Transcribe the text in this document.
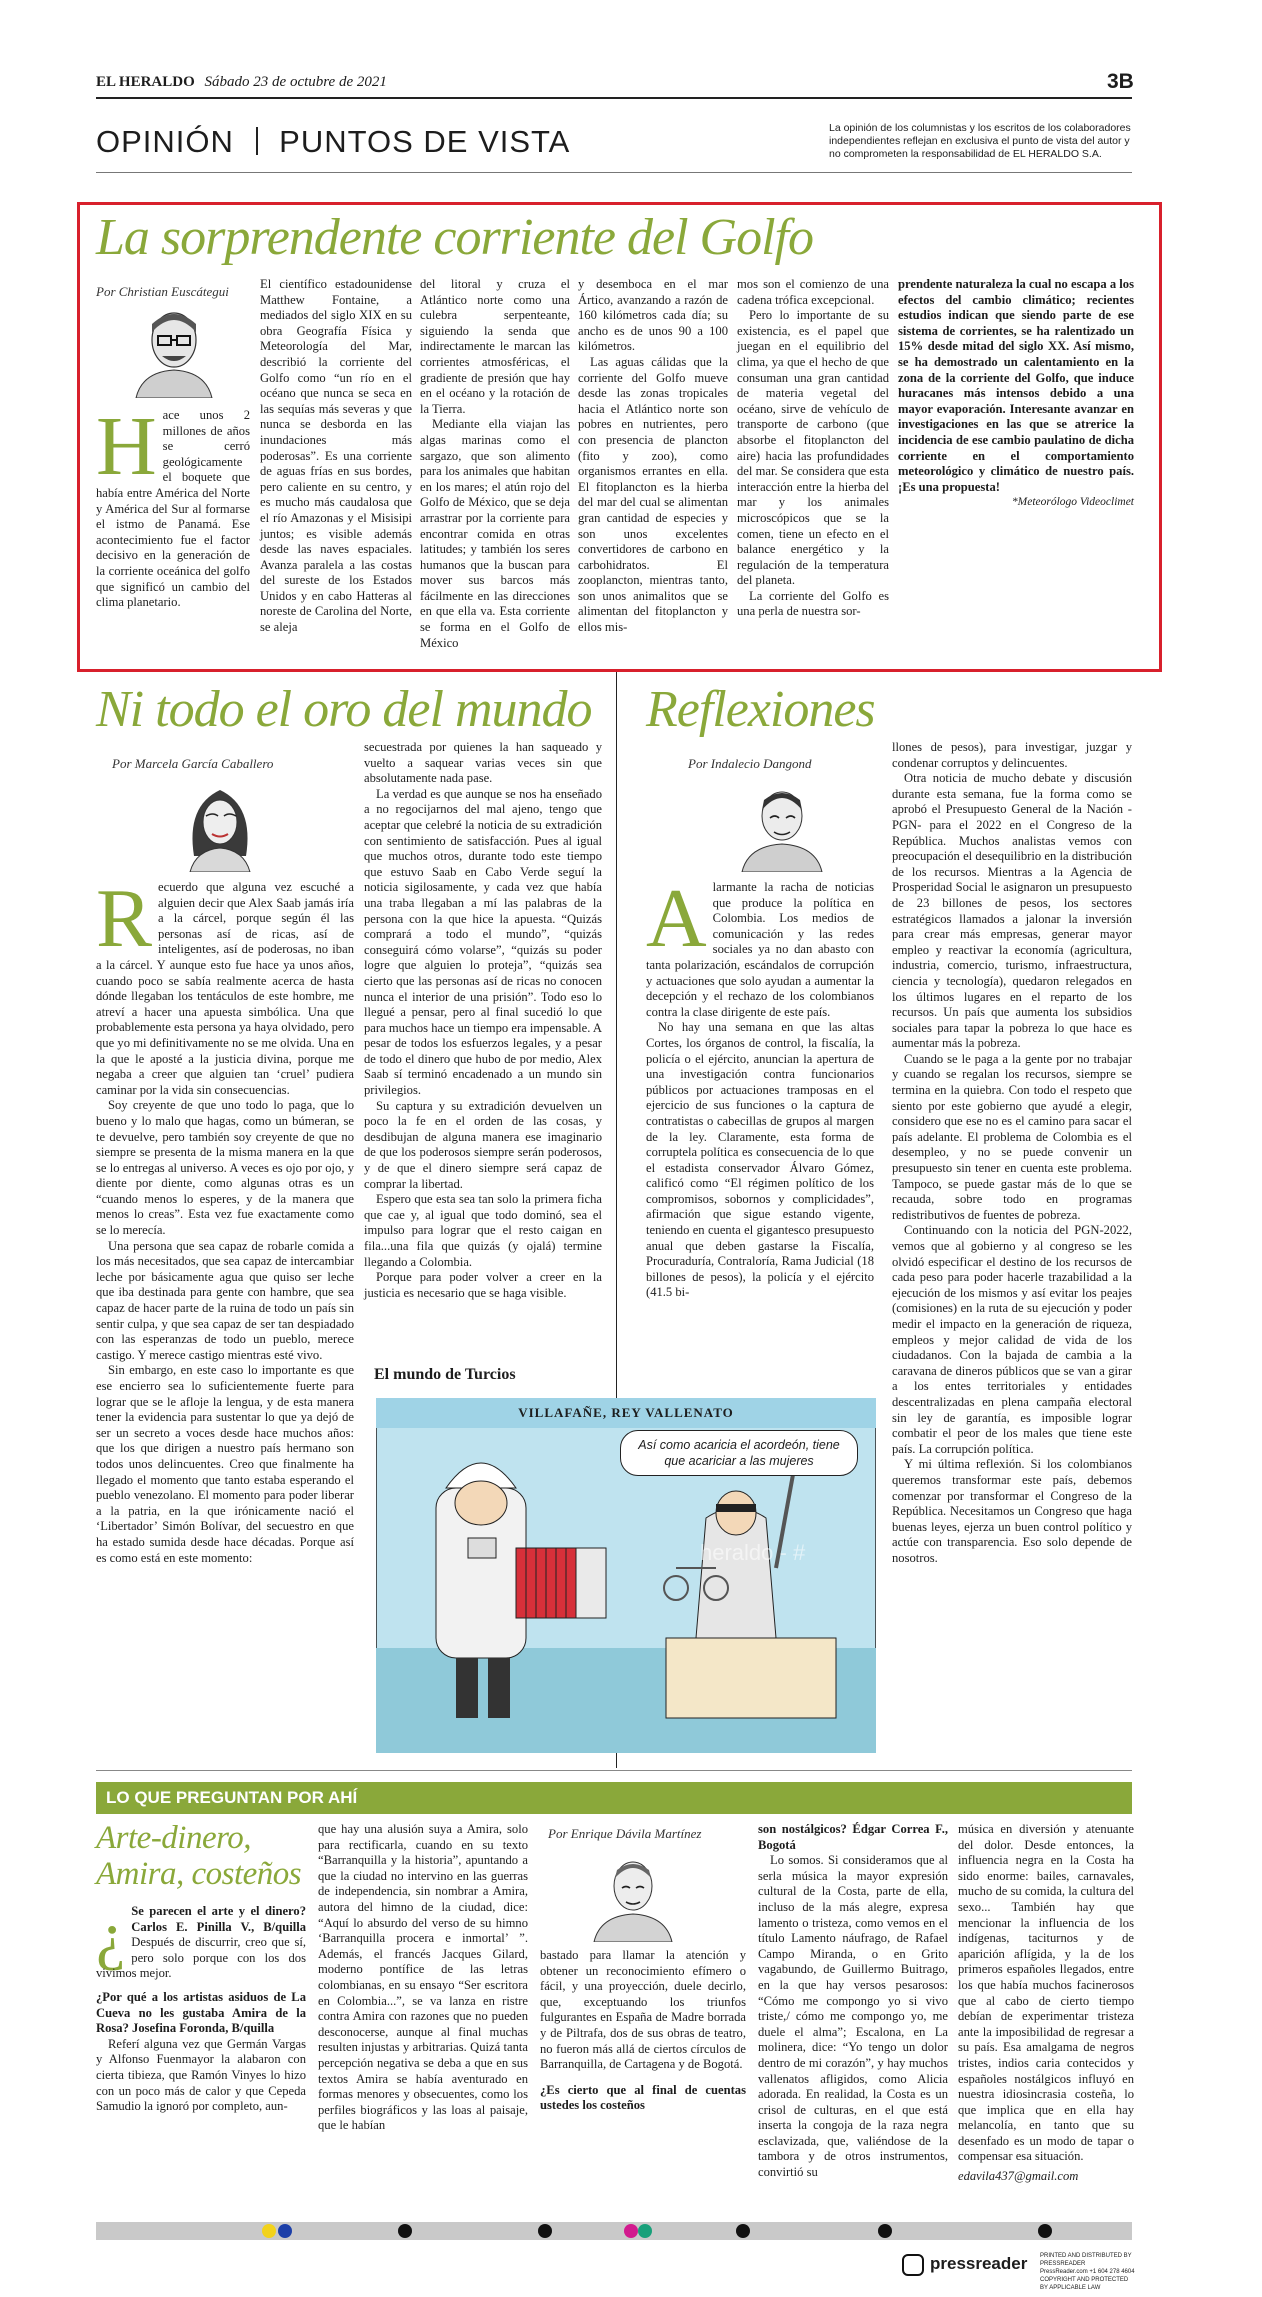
EL HERALDO Sábado 23 de octubre de 2021	3B
OPINIÓN PUNTOS DE VISTA	La opinión de los columnistas y los escritos de los colaboradores independientes reflejan en exclusiva el punto de vista del autor y no comprometen la responsabilidad de EL HERALDO S.A.
La sorprendente corriente del Golfo
Por Christian Euscátegui
H ace unos 2 millones de años se cerró geológicamente el boquete que había entre América del Norte y América del Sur al formarse el istmo de Panamá. Ese acontecimiento fue el factor decisivo en la generación de la corriente oceánica del golfo que significó un cambio del clima planetario.

El científico estadounidense Matthew Fontaine, a mediados del siglo XIX en su obra Geografía Física y Meteorología del Mar, describió la corriente del Golfo como “un río en el océano que nunca se seca en las sequías más severas y que nunca se desborda en las inundaciones más poderosas”. Es una corriente de aguas frías en sus bordes, pero caliente en su centro, y es mucho más caudalosa que el río Amazonas y el Misisipi juntos; es visible además desde las naves espaciales. Avanza paralela a las costas del sureste de los Estados Unidos y en cabo Hatteras al noreste de Carolina del Norte, se aleja

del litoral y cruza el Atlántico norte como una culebra serpenteante, siguiendo la senda que indirectamente le marcan las corrientes atmosféricas, el gradiente de presión que hay en el océano y la rotación de la Tierra.

Mediante ella viajan las algas marinas como el sargazo, que son alimento para los animales que habitan en los mares; el atún rojo del Golfo de México, que se deja arrastrar por la corriente para encontrar comida en otras latitudes; y también los seres humanos que la buscan para mover sus barcos más fácilmente en las direcciones en que ella va. Esta corriente se forma en el Golfo de México

y desemboca en el mar Ártico, avanzando a razón de 160 kilómetros cada día; su ancho es de unos 90 a 100 kilómetros.

Las aguas cálidas que la corriente del Golfo mueve desde las zonas tropicales hacia el Atlántico norte son pobres en nutrientes, pero con presencia de plancton (fito y zoo), como organismos errantes en ella. El fitoplancton es la hierba del mar del cual se alimentan gran cantidad de especies y son unos excelentes convertidores de carbono en carbohidratos. El zooplancton, mientras tanto, son unos animalitos que se alimentan del fitoplancton y ellos mis-

mos son el comienzo de una cadena trófica excepcional.

Pero lo importante de su existencia, es el papel que juegan en el equilibrio del clima, ya que el hecho de que consuman una gran cantidad de materia vegetal del océano, sirve de vehículo de transporte de carbono (que absorbe el fitoplancton del aire) hacia las profundidades del mar. Se considera que esta interacción entre la hierba del mar y los animales microscópicos que se la comen, tiene un efecto en el balance energético y la regulación de la temperatura del planeta.

La corriente del Golfo es una perla de nuestra sor-

prendente naturaleza la cual no escapa a los efectos del cambio climático; recientes estudios indican que siendo parte de ese sistema de corrientes, se ha ralentizado un 15% desde mitad del siglo XX. Así mismo, se ha demostrado un calentamiento en la zona de la corriente del Golfo, que induce huracanes más intensos debido a una mayor evaporación. Interesante avanzar en investigaciones en las que se atrerice la incidencia de ese cambio paulatino de dicha corriente en el comportamiento meteorológico y climático de nuestro país. ¡Es una propuesta!

*Meteorólogo Videoclimet

Ni todo el oro del mundo
Por Marcela García Caballero
R ecuerdo que alguna vez escuché a alguien decir que Alex Saab jamás iría a la cárcel, porque según él las personas así de ricas, así de inteligentes, así de poderosas, no iban a la cárcel. Y aunque esto fue hace ya unos años, cuando poco se sabía realmente acerca de hasta dónde llegaban los tentáculos de este hombre, me atreví a hacer una apuesta simbólica. Una que probablemente esta persona ya haya olvidado, pero que yo mi definitivamente no se me olvida. Una en la que le aposté a la justicia divina, porque me negaba a creer que alguien tan ‘cruel’ pudiera caminar por la vida sin consecuencias.

Soy creyente de que uno todo lo paga, que lo bueno y lo malo que hagas, como un búmeran, se te devuelve, pero también soy creyente de que no siempre se presenta de la misma manera en la que se lo entregas al universo. A veces es ojo por ojo, y diente por diente, como algunas otras es un “cuando menos lo esperes, y de la manera que menos lo creas”. Esta vez fue exactamente como se lo merecía.

Una persona que sea capaz de robarle comida a los más necesitados, que sea capaz de intercambiar leche por básicamente agua que quiso ser leche que iba destinada para gente con hambre, que sea capaz de hacer parte de la ruina de todo un país sin sentir culpa, y que sea capaz de ser tan despiadado con las esperanzas de todo un pueblo, merece castigo. Y merece castigo mientras esté vivo.

Sin embargo, en este caso lo importante es que ese encierro sea lo suficientemente fuerte para lograr que se le afloje la lengua, y de esta manera tener la evidencia para sustentar lo que ya dejó de ser un secreto a voces desde hace muchos años: que los que dirigen a nuestro país hermano son todos unos delincuentes. Creo que finalmente ha llegado el momento que tanto estaba esperando el pueblo venezolano. El momento para poder liberar a la patria, en la que irónicamente nació el ‘Libertador’ Simón Bolívar, del secuestro en que ha estado sumida desde hace décadas. Porque así es como está en este momento:

secuestrada por quienes la han saqueado y vuelto a saquear varias veces sin que absolutamente nada pase.

La verdad es que aunque se nos ha enseñado a no regocijarnos del mal ajeno, tengo que aceptar que celebré la noticia de su extradición con sentimiento de satisfacción. Pues al igual que muchos otros, durante todo este tiempo que estuvo Saab en Cabo Verde seguí la noticia sigilosamente, y cada vez que había una traba llegaban a mí las palabras de la persona con la que hice la apuesta. “Quizás comprará a todo el mundo”, “quizás conseguirá cómo volarse”, “quizás su poder logre que alguien lo proteja”, “quizás sea cierto que las personas así de ricas no conocen nunca el interior de una prisión”. Todo eso lo llegué a pensar, pero al final sucedió lo que para muchos hace un tiempo era impensable. A pesar de todos los esfuerzos legales, y a pesar de todo el dinero que hubo de por medio, Alex Saab sí terminó encadenado a un mundo sin privilegios.

Su captura y su extradición devuelven un poco la fe en el orden de las cosas, y desdibujan de alguna manera ese imaginario de que los poderosos siempre serán poderosos, y de que el dinero siempre será capaz de comprar la libertad.

Espero que esta sea tan solo la primera ficha que cae y, al igual que todo dominó, sea el impulso para lograr que el resto caigan en fila...una fila que quizás (y ojalá) termine llegando a Colombia.

Porque para poder volver a creer en la justicia es necesario que se haga visible.

El mundo de Turcios
VILLAFAÑE, REY VALLENATO
Así como acaricia el acordeón, tiene que acariciar a las mujeres
heraldo - #
Reflexiones
Por Indalecio Dangond
A larmante la racha de noticias que produce la política en Colombia. Los medios de comunicación y las redes sociales ya no dan abasto con tanta polarización, escándalos de corrupción y actuaciones que solo ayudan a aumentar la decepción y el rechazo de los colombianos contra la clase dirigente de este país.

No hay una semana en que las altas Cortes, los órganos de control, la fiscalía, la policía o el ejército, anuncian la apertura de una investigación contra funcionarios públicos por actuaciones tramposas en el ejercicio de sus funciones o la captura de contratistas o cabecillas de grupos al margen de la ley. Claramente, esta forma de corruptela política es consecuencia de lo que el estadista conservador Álvaro Gómez, calificó como “El régimen político de los compromisos, sobornos y complicidades”, afirmación que sigue estando vigente, teniendo en cuenta el gigantesco presupuesto anual que deben gastarse la Fiscalía, Procuraduría, Contraloría, Rama Judicial (18 billones de pesos), la policía y el ejército (41.5 bi-

llones de pesos), para investigar, juzgar y condenar corruptos y delincuentes.

Otra noticia de mucho debate y discusión durante esta semana, fue la forma como se aprobó el Presupuesto General de la Nación -PGN- para el 2022 en el Congreso de la República. Muchos analistas vemos con preocupación el desequilibrio en la distribución de los recursos. Mientras a la Agencia de Prosperidad Social le asignaron un presupuesto de 23 billones de pesos, los sectores estratégicos llamados a jalonar la inversión para crear más empresas, generar mayor empleo y reactivar la economía (agricultura, industria, comercio, turismo, infraestructura, ciencia y tecnología), quedaron relegados en los últimos lugares en el reparto de los recursos. Un país que aumenta los subsidios sociales para tapar la pobreza lo que hace es aumentar más la pobreza.

Cuando se le paga a la gente por no trabajar y cuando se regalan los recursos, siempre se termina en la quiebra. Con todo el respeto que siento por este gobierno que ayudé a elegir, considero que ese no es el camino para sacar el país adelante. El problema de Colombia es el desempleo, y no se puede convenir un presupuesto sin tener en cuenta este problema. Tampoco, se puede gastar más de lo que se recauda, sobre todo en programas redistributivos de fuentes de pobreza.

Continuando con la noticia del PGN-2022, vemos que al gobierno y al congreso se les olvidó especificar el destino de los recursos de cada peso para poder hacerle trazabilidad a la ejecución de los mismos y así evitar los peajes (comisiones) en la ruta de su ejecución y poder medir el impacto en la generación de riqueza, empleos y mejor calidad de vida de los ciudadanos. Con la bajada de cambia a la caravana de dineros públicos que se van a girar a los entes territoriales y entidades descentralizadas en plena campaña electoral sin ley de garantía, es imposible lograr combatir el peor de los males que tiene este país. La corrupción política.

Y mi última reflexión. Si los colombianos queremos transformar este país, debemos comenzar por transformar el Congreso de la República. Necesitamos un Congreso que haga buenas leyes, ejerza un buen control político y actúe con transparencia. Eso solo depende de nosotros.

LO QUE PREGUNTAN POR AHÍ
Arte-dinero,
Amira, costeños
¿ Se parecen el arte y el dinero? Carlos E. Pinilla V., B/quilla Después de discurrir, creo que sí, pero solo porque con los dos vivimos mejor.

¿Por qué a los artistas asiduos de La Cueva no les gustaba Amira de la Rosa? Josefina Forondа, B/quilla

Referí alguna vez que Germán Vargas y Alfonso Fuenmayor la alabaron con cierta tibieza, que Ramón Vinyes lo hizo con un poco más de calor y que Cepeda Samudio la ignoró por completo, aun-

que hay una alusión suya a Amira, solo para rectificarla, cuando en su texto “Barranquilla y la historia”, apuntando a que la ciudad no intervino en las guerras de independencia, sin nombrar a Amira, autora del himno de la ciudad, dice: “Aquí lo absurdo del verso de su himno ‘Barranquilla procera e inmortal’ ”. Además, el francés Jacques Gilard, moderno pontífice de las letras colombianas, en su ensayo “Ser escritora en Colombia...”, se va lanza en ristre contra Amira con razones que no pueden desconocerse, aunque al final muchas resulten injustas y arbitrarias. Quizá tanta percepción negativa se deba a que en sus textos Amira se había aventurado en formas menores y obsecuentes, como los perfiles biográficos y las loas al paisaje, que le habían

Por Enrique Dávila Martínez

bastado para llamar la atención y obtener un reconocimiento efímero o fácil, y una proyección, duele decirlo, que, exceptuando los triunfos fulgurantes en España de Madre borrada y de Piltrafa, dos de sus obras de teatro, no fueron más allá de ciertos círculos de Barranquilla, de Cartagena y de Bogotá.

¿Es cierto que al final de cuentas ustedes los costeños

son nostálgicos? Édgar Correa F., Bogotá

Lo somos. Si consideramos que al serla música la mayor expresión cultural de la Costa, parte de ella, incluso de la más alegre, expresa lamento o tristeza, como vemos en el título Lamento náufrago, de Rafael Campo Miranda, o en Grito vagabundo, de Guillermo Buitrago, en la que hay versos pesarosos: “Cómo me compongo yo si vivo triste,/ cómo me compongo yo, me duele el alma”; Escalona, en La molinera, dice: “Yo tengo un dolor dentro de mi corazón”, y hay muchos vallenatos afligidos, como Alicia adorada. En realidad, la Costa es un crisol de culturas, en el que está inserta la congoja de la raza negra esclavizada, que, valiéndose de la tambora y de otros instrumentos, convirtió su

música en diversión y atenuante del dolor. Desde entonces, la influencia negra en la Costa ha sido enorme: bailes, carnavales, mucho de su comida, la cultura del sexo... También hay que mencionar la influencia de los indígenas, taciturnos y de aparición aflígida, y la de los primeros españoles llegados, entre los que había muchos facinerosos que al cabo de cierto tiempo debían de experimentar tristeza ante la imposibilidad de regresar a su país. Esa amalgama de negros tristes, indios caria contecidos y españoles nostálgicos influyó en nuestra idiosincrasia costeña, lo que implica que en ella hay melancolía, en tanto que su desenfado es un modo de tapar o compensar esa situación.

edavila437@gmail.com

pressreader PRINTED AND DISTRIBUTED BY PRESSREADER
PressReader.com +1 604 278 4604
COPYRIGHT AND PROTECTED BY APPLICABLE LAW
